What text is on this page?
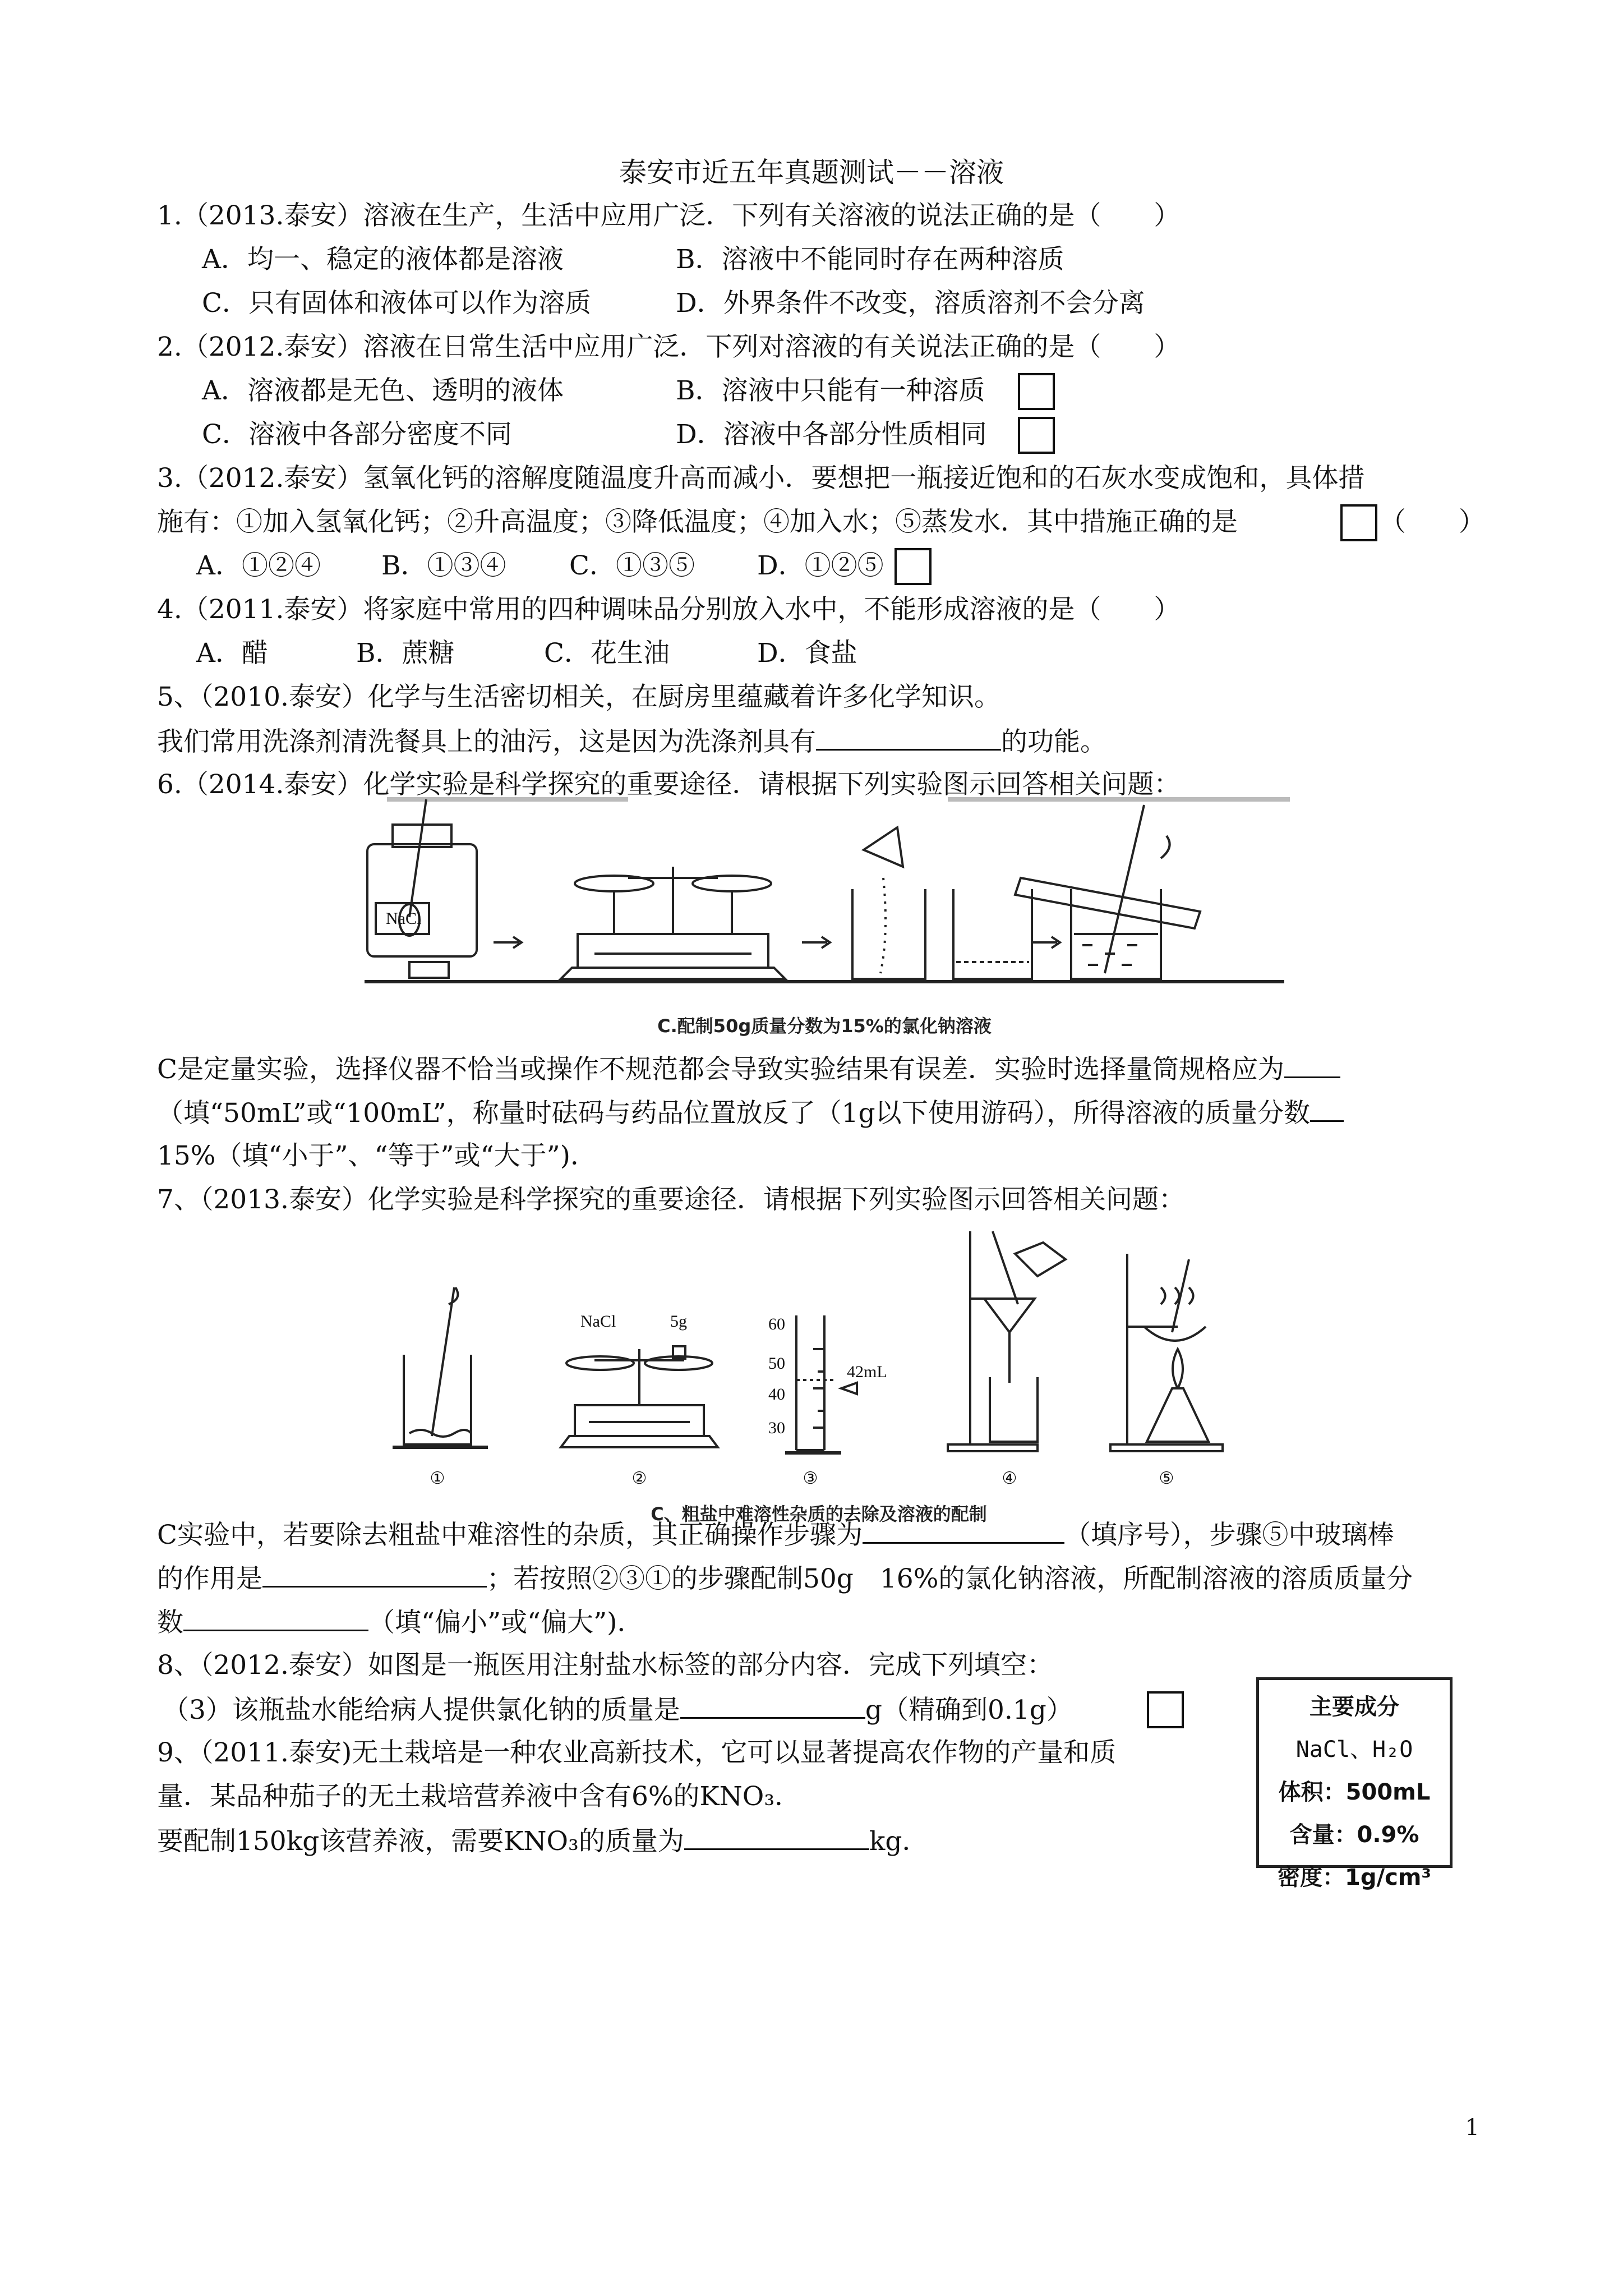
泰安市近五年真题测试－－溶液
1.（2013.泰安）溶液在生产，生活中应用广泛．下列有关溶液的说法正确的是（　　）
A．均一、稳定的液体都是溶液	B．溶液中不能同时存在两种溶质
C．只有固体和液体可以作为溶质	D．外界条件不改变，溶质溶剂不会分离
2.（2012.泰安）溶液在日常生活中应用广泛．下列对溶液的有关说法正确的是（　　）
A．溶液都是无色、透明的液体	B．溶液中只能有一种溶质
C．溶液中各部分密度不同	D．溶液中各部分性质相同
3.（2012.泰安）氢氧化钙的溶解度随温度升高而减小．要想把一瓶接近饱和的石灰水变成饱和，具体措
施有：①加入氢氧化钙；②升高温度；③降低温度；④加入水；⑤蒸发水．其中措施正确的是	（　　）
A．①②④ B．①③④ C．①③⑤ D．①②⑤
4.（2011.泰安）将家庭中常用的四种调味品分别放入水中，不能形成溶液的是（　　）
A．醋	B．蔗糖	C．花生油	D．食盐
5、（2010.泰安）化学与生活密切相关，在厨房里蕴藏着许多化学知识。
我们常用洗涤剂清洗餐具上的油污，这是因为洗涤剂具有	的功能。
6.（2014.泰安）化学实验是科学探究的重要途径．请根据下列实验图示回答相关问题：
NaCl
C.配制50g质量分数为15%的氯化钠溶液
C是定量实验，选择仪器不恰当或操作不规范都会导致实验结果有误差．实验时选择量筒规格应为
（填“50mL”或“100mL”，称量时砝码与药品位置放反了（1g以下使用游码），所得溶液的质量分数
15%（填“小于”、“等于”或“大于”)．
7、（2013.泰安）化学实验是科学探究的重要途径．请根据下列实验图示回答相关问题：
NaCl	5g	60
50
40
30
42mL
①	②	③	④	⑤
C、粗盐中难溶性杂质的去除及溶液的配制
C实验中，若要除去粗盐中难溶性的杂质，其正确操作步骤为	（填序号），步骤⑤中玻璃棒
的作用是	；若按照②③①的步骤配制50g　16%的氯化钠溶液，所配制溶液的溶质质量分
数	（填“偏小”或“偏大”)．
8、（2012.泰安）如图是一瓶医用注射盐水标签的部分内容．完成下列填空：
（3）该瓶盐水能给病人提供氯化钠的质量是	g（精确到0.1g）	主要成分
NaCl、H₂O
体积：500mL
含量：0.9%
密度：1g/cm³
9、（2011.泰安)无土栽培是一种农业高新技术，它可以显著提高农作物的产量和质
量．某品种茄子的无土栽培营养液中含有6%的KNO₃．
要配制150kg该营养液，需要KNO₃的质量为	kg．
1
